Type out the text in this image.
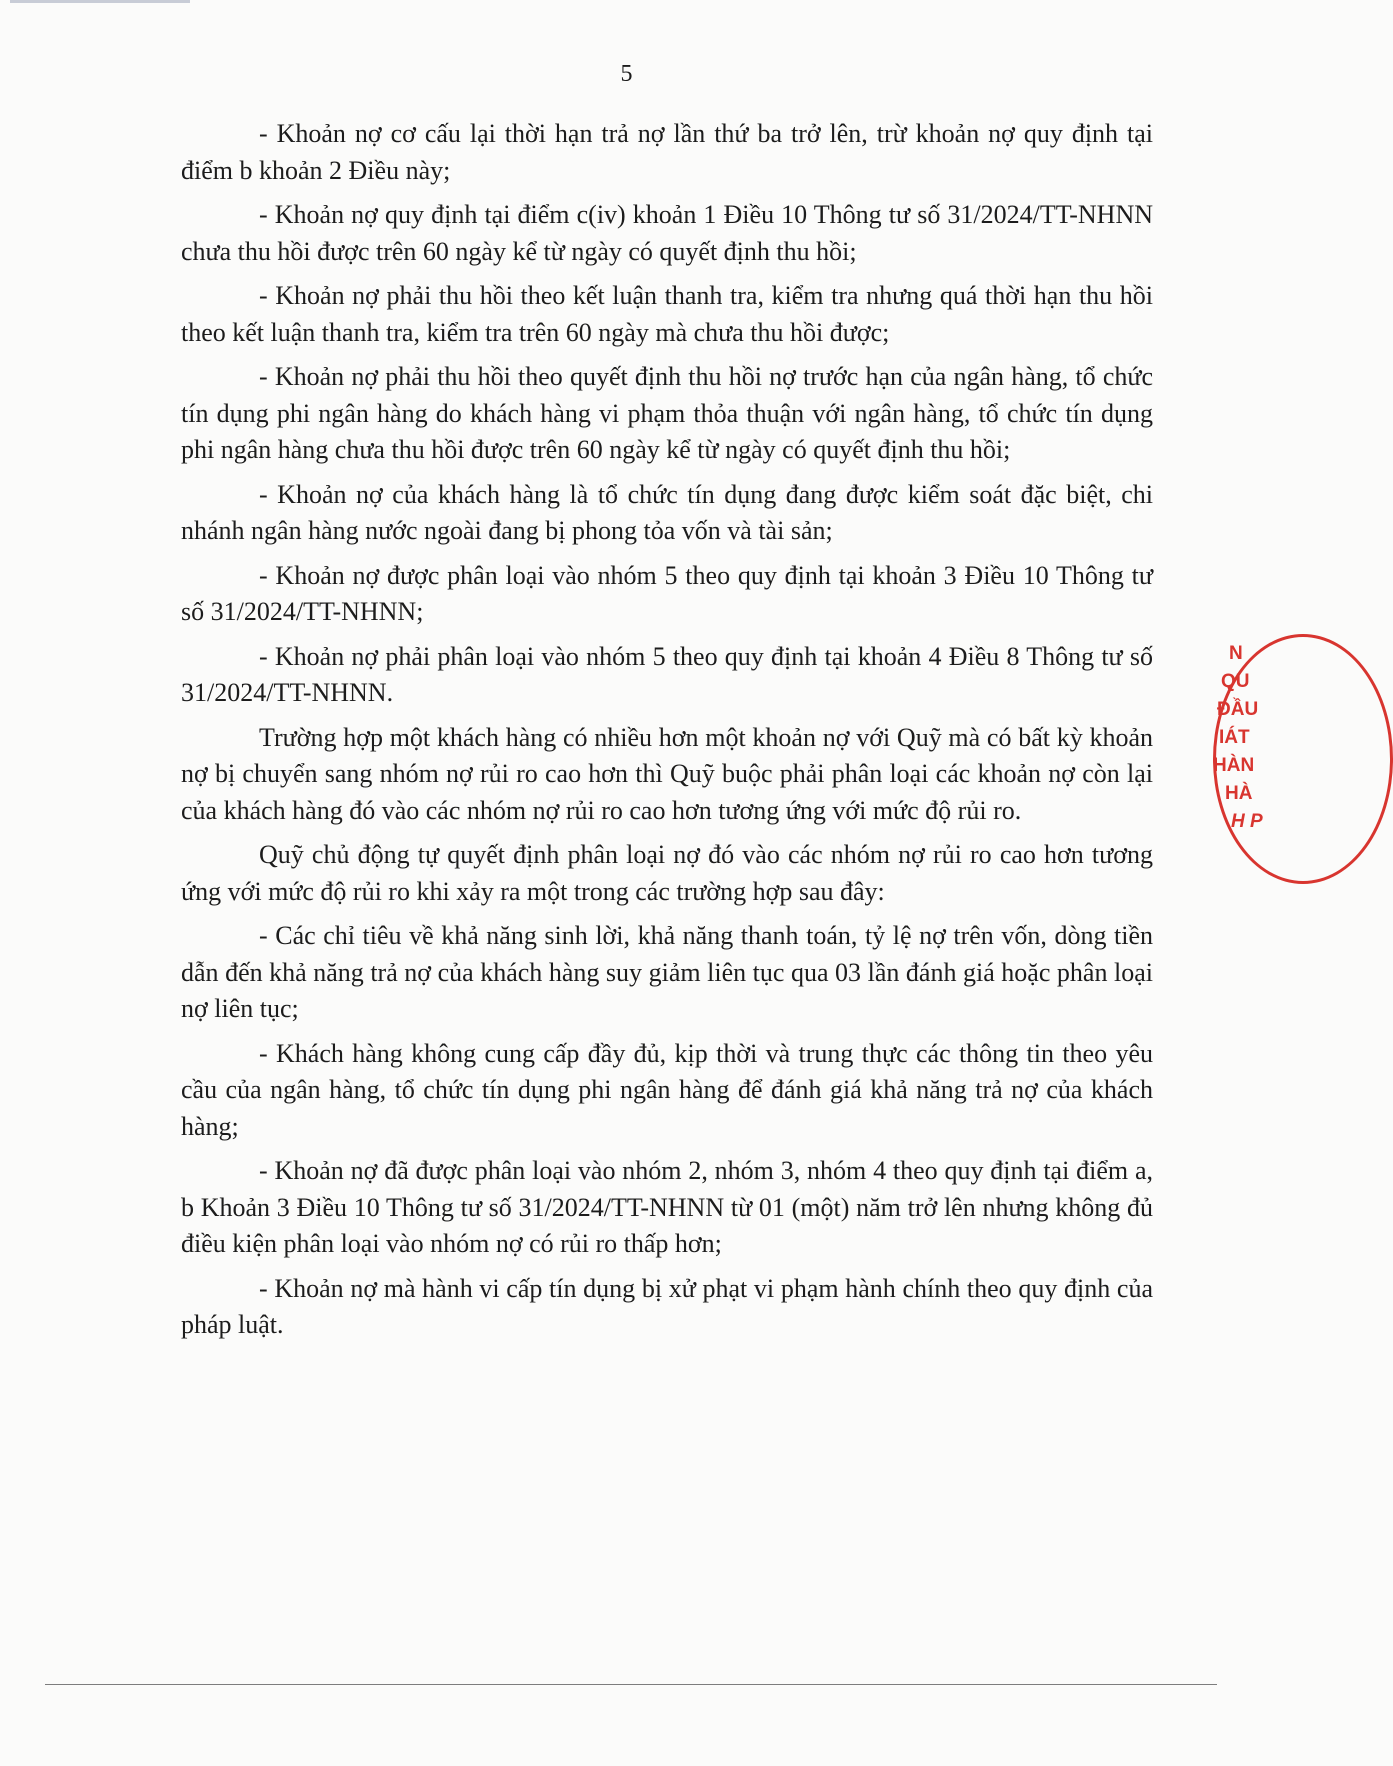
5

- Khoản nợ cơ cấu lại thời hạn trả nợ lần thứ ba trở lên, trừ khoản nợ quy định tại điểm b khoản 2 Điều này;

- Khoản nợ quy định tại điểm c(iv) khoản 1 Điều 10 Thông tư số 31/2024/TT-NHNN chưa thu hồi được trên 60 ngày kể từ ngày có quyết định thu hồi;

- Khoản nợ phải thu hồi theo kết luận thanh tra, kiểm tra nhưng quá thời hạn thu hồi theo kết luận thanh tra, kiểm tra trên 60 ngày mà chưa thu hồi được;

- Khoản nợ phải thu hồi theo quyết định thu hồi nợ trước hạn của ngân hàng, tổ chức tín dụng phi ngân hàng do khách hàng vi phạm thỏa thuận với ngân hàng, tổ chức tín dụng phi ngân hàng chưa thu hồi được trên 60 ngày kể từ ngày có quyết định thu hồi;

- Khoản nợ của khách hàng là tổ chức tín dụng đang được kiểm soát đặc biệt, chi nhánh ngân hàng nước ngoài đang bị phong tỏa vốn và tài sản;

- Khoản nợ được phân loại vào nhóm 5 theo quy định tại khoản 3 Điều 10 Thông tư số 31/2024/TT-NHNN;

- Khoản nợ phải phân loại vào nhóm 5 theo quy định tại khoản 4 Điều 8 Thông tư số 31/2024/TT-NHNN.

Trường hợp một khách hàng có nhiều hơn một khoản nợ với Quỹ mà có bất kỳ khoản nợ bị chuyển sang nhóm nợ rủi ro cao hơn thì Quỹ buộc phải phân loại các khoản nợ còn lại của khách hàng đó vào các nhóm nợ rủi ro cao hơn tương ứng với mức độ rủi ro.

Quỹ chủ động tự quyết định phân loại nợ đó vào các nhóm nợ rủi ro cao hơn tương ứng với mức độ rủi ro khi xảy ra một trong các trường hợp sau đây:

- Các chỉ tiêu về khả năng sinh lời, khả năng thanh toán, tỷ lệ nợ trên vốn, dòng tiền dẫn đến khả năng trả nợ của khách hàng suy giảm liên tục qua 03 lần đánh giá hoặc phân loại nợ liên tục;

- Khách hàng không cung cấp đầy đủ, kịp thời và trung thực các thông tin theo yêu cầu của ngân hàng, tổ chức tín dụng phi ngân hàng để đánh giá khả năng trả nợ của khách hàng;

- Khoản nợ đã được phân loại vào nhóm 2, nhóm 3, nhóm 4 theo quy định tại điểm a, b Khoản 3 Điều 10 Thông tư số 31/2024/TT-NHNN từ 01 (một) năm trở lên nhưng không đủ điều kiện phân loại vào nhóm nợ có rủi ro thấp hơn;

- Khoản nợ mà hành vi cấp tín dụng bị xử phạt vi phạm hành chính theo quy định của pháp luật.

N
QU
ĐẦU
IÁT
HÀN
HÀ
H P
